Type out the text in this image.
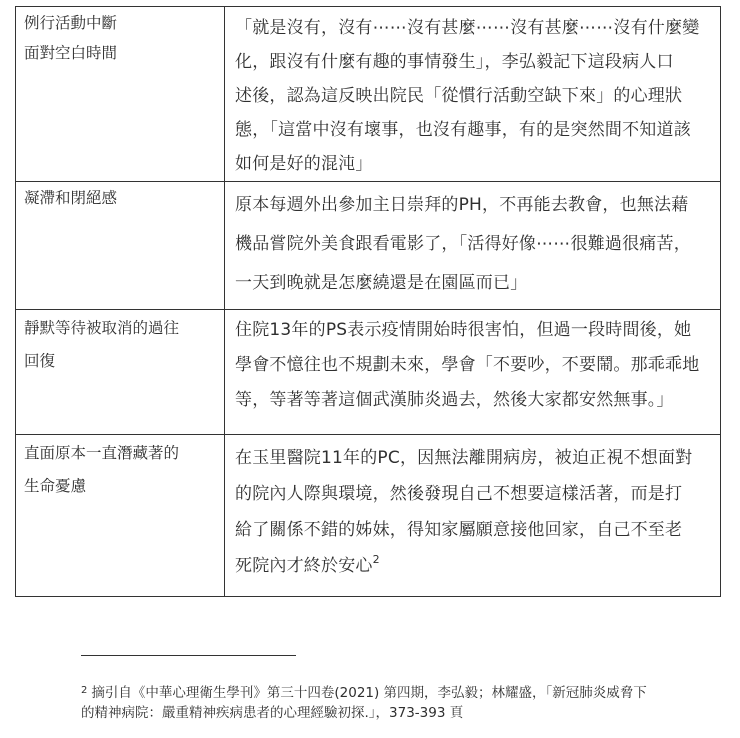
例行活動中斷
面對空白時間	「就是沒有，沒有⋯⋯沒有甚麼⋯⋯沒有甚麼⋯⋯沒有什麼變
化，跟沒有什麼有趣的事情發生」，李弘毅記下這段病人口
述後，認為這反映出院民「從慣行活動空缺下來」的心理狀
態，「這當中沒有壞事，也沒有趣事，有的是突然間不知道該
如何是好的混沌」

凝滯和閉絕感	原本每週外出參加主日崇拜的PH，不再能去教會，也無法藉
機品嘗院外美食跟看電影了，「活得好像⋯⋯很難過很痛苦，
一天到晚就是怎麼繞還是在園區而已」

靜默等待被取消的過往
回復	住院13年的PS表示疫情開始時很害怕，但過一段時間後，她
學會不憶往也不規劃未來，學會「不要吵，不要鬧。那乖乖地
等，等著等著這個武漢肺炎過去，然後大家都安然無事。」

直面原本一直潛藏著的
生命憂慮	在玉里醫院11年的PC，因無法離開病房，被迫正視不想面對
的院內人際與環境，然後發現自己不想要這樣活著，而是打
給了關係不錯的姊妹，得知家屬願意接他回家，自己不至老
死院內才終於安心$^2$
$^2$ 摘引自《中華心理衛生學刊》第三十四卷(2021) 第四期，李弘毅；林耀盛，「新冠肺炎威脅下
的精神病院：嚴重精神疾病患者的心理經驗初探.」，373-393 頁
